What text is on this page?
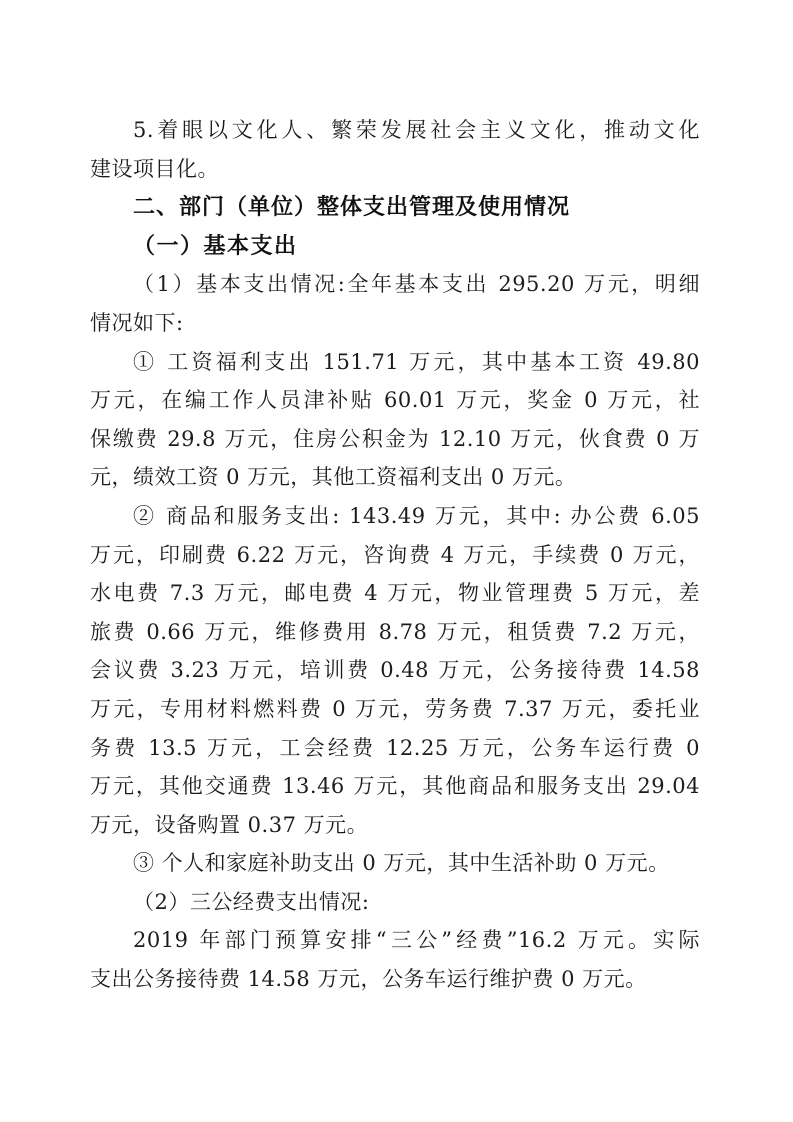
5.着眼以文化人、繁荣发展社会主义文化，推动文化
建设项目化。
二、部门（单位）整体支出管理及使用情况
（一）基本支出
（1）基本支出情况:全年基本支出 295.20 万元，明细
情况如下:
① 工资福利支出 151.71 万元，其中基本工资 49.80
万元，在编工作人员津补贴 60.01 万元，奖金 0 万元，社
保缴费 29.8 万元，住房公积金为 12.10 万元，伙食费 0 万
元，绩效工资 0 万元，其他工资福利支出 0 万元。
② 商品和服务支出: 143.49 万元，其中: 办公费 6.05
万元，印刷费 6.22 万元，咨询费 4 万元，手续费 0 万元，
水电费 7.3 万元，邮电费 4 万元，物业管理费 5 万元，差
旅费 0.66 万元，维修费用 8.78 万元，租赁费 7.2 万元，
会议费 3.23 万元，培训费 0.48 万元，公务接待费 14.58
万元，专用材料燃料费 0 万元，劳务费 7.37 万元，委托业
务费 13.5 万元，工会经费 12.25 万元，公务车运行费 0
万元，其他交通费 13.46 万元，其他商品和服务支出 29.04
万元，设备购置 0.37 万元。
③ 个人和家庭补助支出 0 万元，其中生活补助 0 万元。
（2）三公经费支出情况:
2019 年部门预算安排“三公”经费”16.2 万元。实际
支出公务接待费 14.58 万元，公务车运行维护费 0 万元。
